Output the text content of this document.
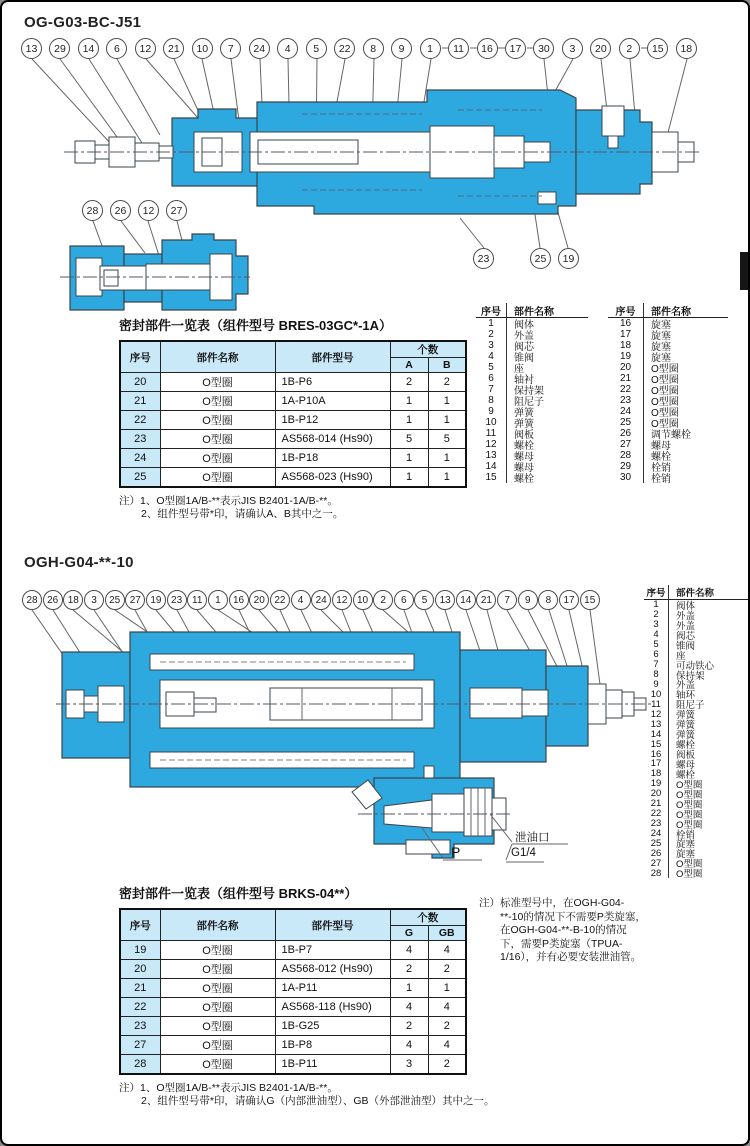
OG-G03-BC-J51
13	29	14	6	12	21	10	7	24	4	5	22	8	9	1	11	16	17	30	3	20	2	15	18
23	25	19
28	26	12	27
密封部件一览表（组件型号 BRES-03GC*-1A）
序号	部件名称	部件型号	个数	
			A	B
20	O型圈	1B-P6	2	2
21	O型圈	1A-P10A	1	1
22	O型圈	1B-P12	1	1
23	O型圈	AS568-014 (Hs90)	5	5
24	O型圈	1B-P18	1	1
25	O型圈	AS568-023 (Hs90)	1	1
注）1、O型圈1A/B-**表示JIS B2401-1A/B-**。
2、组件型号带*印，请确认A、B其中之一。
序号	部件名称
1	阀体
2	外盖
3	阀芯
4	锥阀
5	座
6	轴衬
7	保持架
8	阻尼子
9	弹簧
10	弹簧
11	阀板
12	螺栓
13	螺母
14	螺母
15	螺栓
序号	部件名称
16	旋塞
17	旋塞
18	旋塞
19	旋塞
20	O型圈
21	O型圈
22	O型圈
23	O型圈
24	O型圈
25	O型圈
26	调节螺栓
27	螺母
28	螺栓
29	栓销
30	栓销
OGH-G04-**-10
28 26 18	3	25 27 19 23 11	1	16 20 22	4	24 12 10	2	6	5	13 14 21	7	9	8	17 15
P
泄油口
G1/4
密封部件一览表（组件型号 BRKS-04**）
序号	部件名称	部件型号	个数	
			G	GB
19	O型圈	1B-P7	4	4
20	O型圈	AS568-012 (Hs90)	2	2
21	O型圈	1A-P11	1	1
22	O型圈	AS568-118 (Hs90)	4	4
23	O型圈	1B-G25	2	2
27	O型圈	1B-P8	4	4
28	O型圈	1B-P11	3	2
注）1、O型圈1A/B-**表示JIS B2401-1A/B-**。
2、组件型号带*印，请确认G（内部泄油型）、GB（外部泄油型）其中之一。
序号	部件名称
1	阀体
2	外盖
3	外盖
4	阀芯
5	锥阀
6	座
7	可动铁心
8	保持架
9	外盖
10	轴环
11	阻尼子
12	弹簧
13	弹簧
14	弹簧
15	螺栓
16	阀板
17	螺母
18	螺栓
19	O型圈
20	O型圈
21	O型圈
22	O型圈
23	O型圈
24	栓销
25	旋塞
26	旋塞
27	O型圈
28	O型圈
注）标准型号中，在OGH-G04-**-10的情况下不需要P类旋塞，在OGH-G04-**-B-10的情况下，需要P类旋塞（TPUA-1/16），并有必要安装泄油管。
